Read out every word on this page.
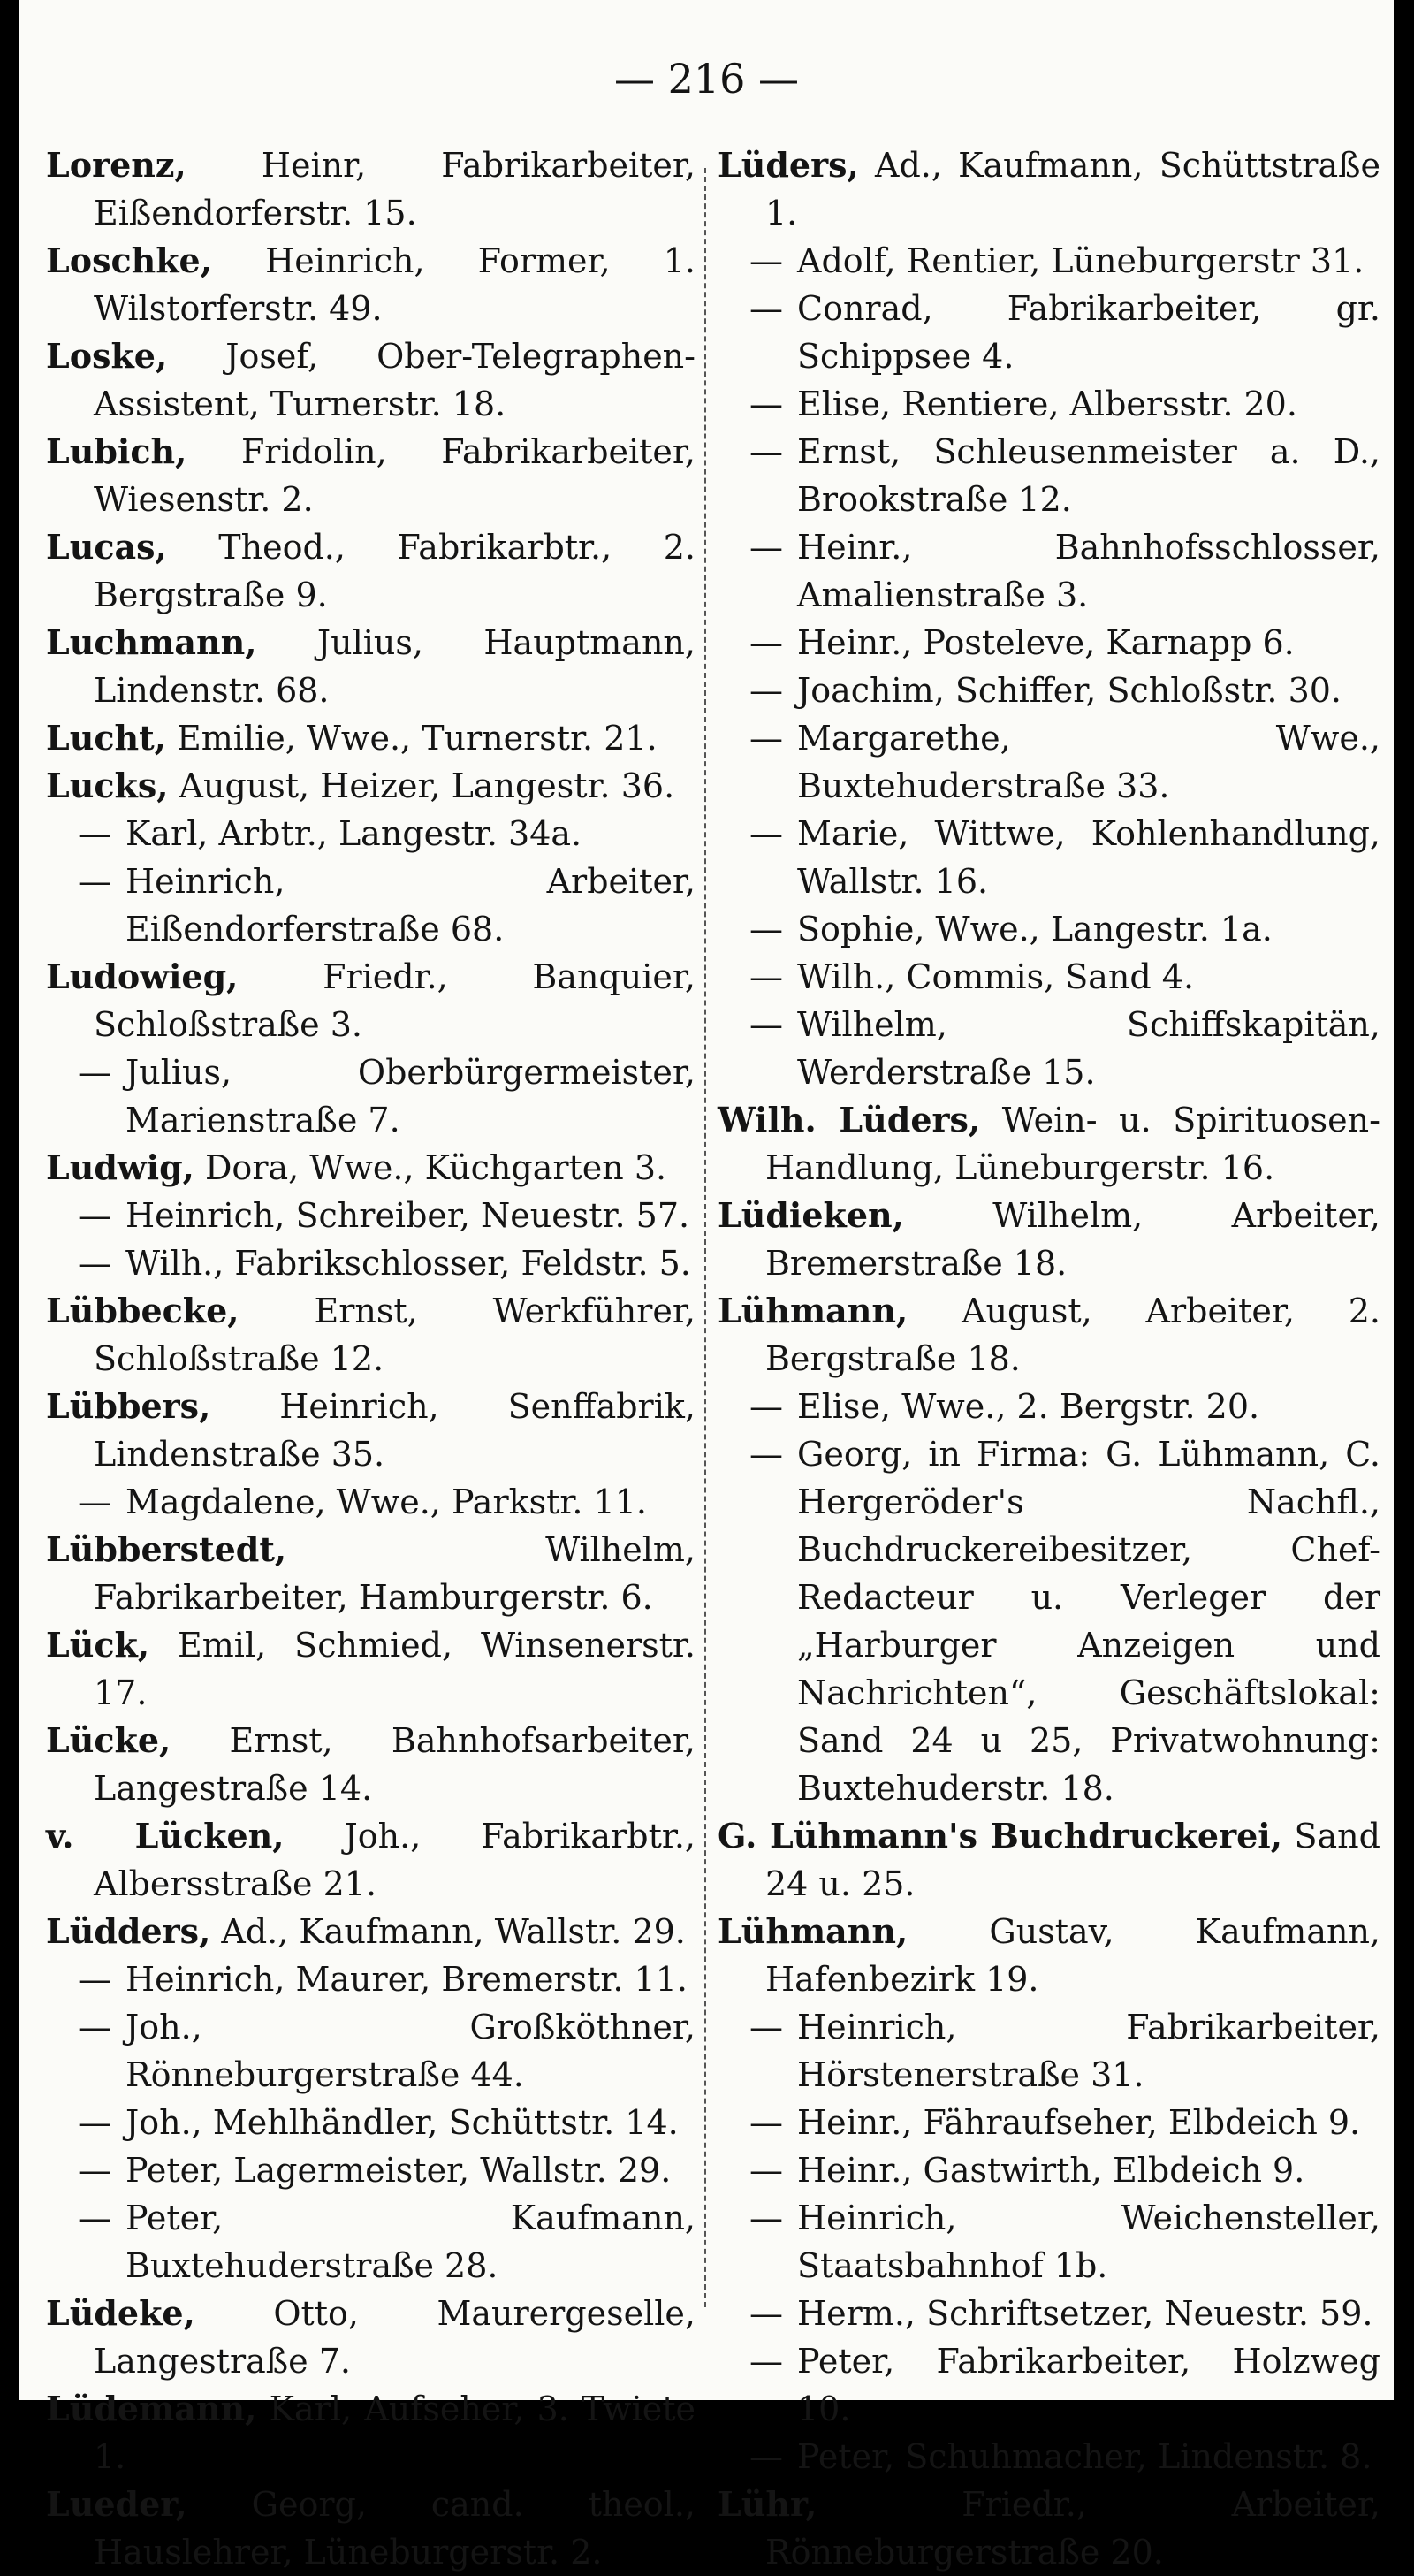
— 216 —

Lorenz, Heinr, Fabrikarbeiter, Eißendorferstr. 15.

Loschke, Heinrich, Former, 1. Wilstorferstr. 49.

Loske, Josef, Ober-Telegraphen-Assistent, Turnerstr. 18.

Lubich, Fridolin, Fabrikarbeiter, Wiesenstr. 2.

Lucas, Theod., Fabrikarbtr., 2. Bergstraße 9.

Luchmann, Julius, Hauptmann, Lindenstr. 68.

Lucht, Emilie, Wwe., Turnerstr. 21.

Lucks, August, Heizer, Langestr. 36.

— Karl, Arbtr., Langestr. 34a.

— Heinrich, Arbeiter, Eißendorferstraße 68.

Ludowieg,	Friedr., Banquier, Schloßstraße 3.

— Julius, Oberbürgermeister, Marienstraße 7.

Ludwig, Dora, Wwe., Küchgarten 3.

— Heinrich, Schreiber, Neuestr. 57.

— Wilh., Fabrikschlosser, Feldstr. 5.

Lübbecke, Ernst, Werkführer, Schloßstraße 12.

Lübbers, Heinrich, Senffabrik, Lindenstraße 35.

— Magdalene, Wwe., Parkstr. 11.

Lübberstedt,	Wilhelm, Fabrikarbeiter, Hamburgerstr. 6.

Lück, Emil, Schmied, Winsenerstr. 17.

Lücke, Ernst, Bahnhofsarbeiter, Langestraße 14.

v. Lücken, Joh., Fabrikarbtr., Albersstraße 21.

Lüdders, Ad., Kaufmann, Wallstr. 29.

— Heinrich, Maurer, Bremerstr. 11.

— Joh., Großköthner, Rönneburgerstraße 44.

— Joh., Mehlhändler, Schüttstr. 14.

— Peter, Lagermeister, Wallstr. 29.

— Peter, Kaufmann, Buxtehuderstraße 28.

Lüdeke, Otto, Maurergeselle, Langestraße 7.

Lüdemann, Karl, Aufseher, 3. Twiete 1.

Lueder, Georg, cand. theol., Hauslehrer, Lüneburgerstr. 2.

Lüders, Ad., Kaufmann, Schüttstraße 1.

— Adolf, Rentier, Lüneburgerstr 31.

— Conrad, Fabrikarbeiter, gr. Schippsee 4.

— Elise, Rentiere, Albersstr. 20.

— Ernst, Schleusenmeister a. D., Brookstraße 12.

— Heinr., Bahnhofsschlosser, Amalienstraße 3.

— Heinr., Posteleve, Karnapp 6.

— Joachim, Schiffer, Schloßstr. 30.

— Margarethe, Wwe., Buxtehuderstraße 33.

— Marie, Wittwe, Kohlenhandlung, Wallstr. 16.

— Sophie, Wwe., Langestr. 1a.

— Wilh., Commis, Sand 4.

— Wilhelm, Schiffskapitän, Werderstraße 15.

Wilh. Lüders, Wein- u. Spirituosen-Handlung, Lüneburgerstr. 16.

Lüdieken,	Wilhelm, Arbeiter, Bremerstraße 18.

Lühmann, August, Arbeiter, 2. Bergstraße 18.

— Elise, Wwe., 2. Bergstr. 20.

— Georg, in Firma: G. Lühmann, C. Hergeröder's Nachfl., Buchdruckereibesitzer, Chef-Redacteur u. Verleger der „Harburger Anzeigen und Nachrichten“, Geschäftslokal: Sand 24 u 25, Privatwohnung: Buxtehuderstr. 18.

G. Lühmann's Buchdruckerei, Sand 24 u. 25.

Lühmann, Gustav, Kaufmann, Hafenbezirk 19.

— Heinrich, Fabrikarbeiter, Hörstenerstraße 31.

— Heinr., Fähraufseher, Elbdeich 9.

— Heinr., Gastwirth, Elbdeich 9.

— Heinrich, Weichensteller, Staatsbahnhof 1b.

— Herm., Schriftsetzer, Neuestr. 59.

— Peter, Fabrikarbeiter, Holzweg 10.

— Peter, Schuhmacher, Lindenstr. 8.

Lühr,	Friedr., Arbeiter, Rönneburgerstraße 20.
